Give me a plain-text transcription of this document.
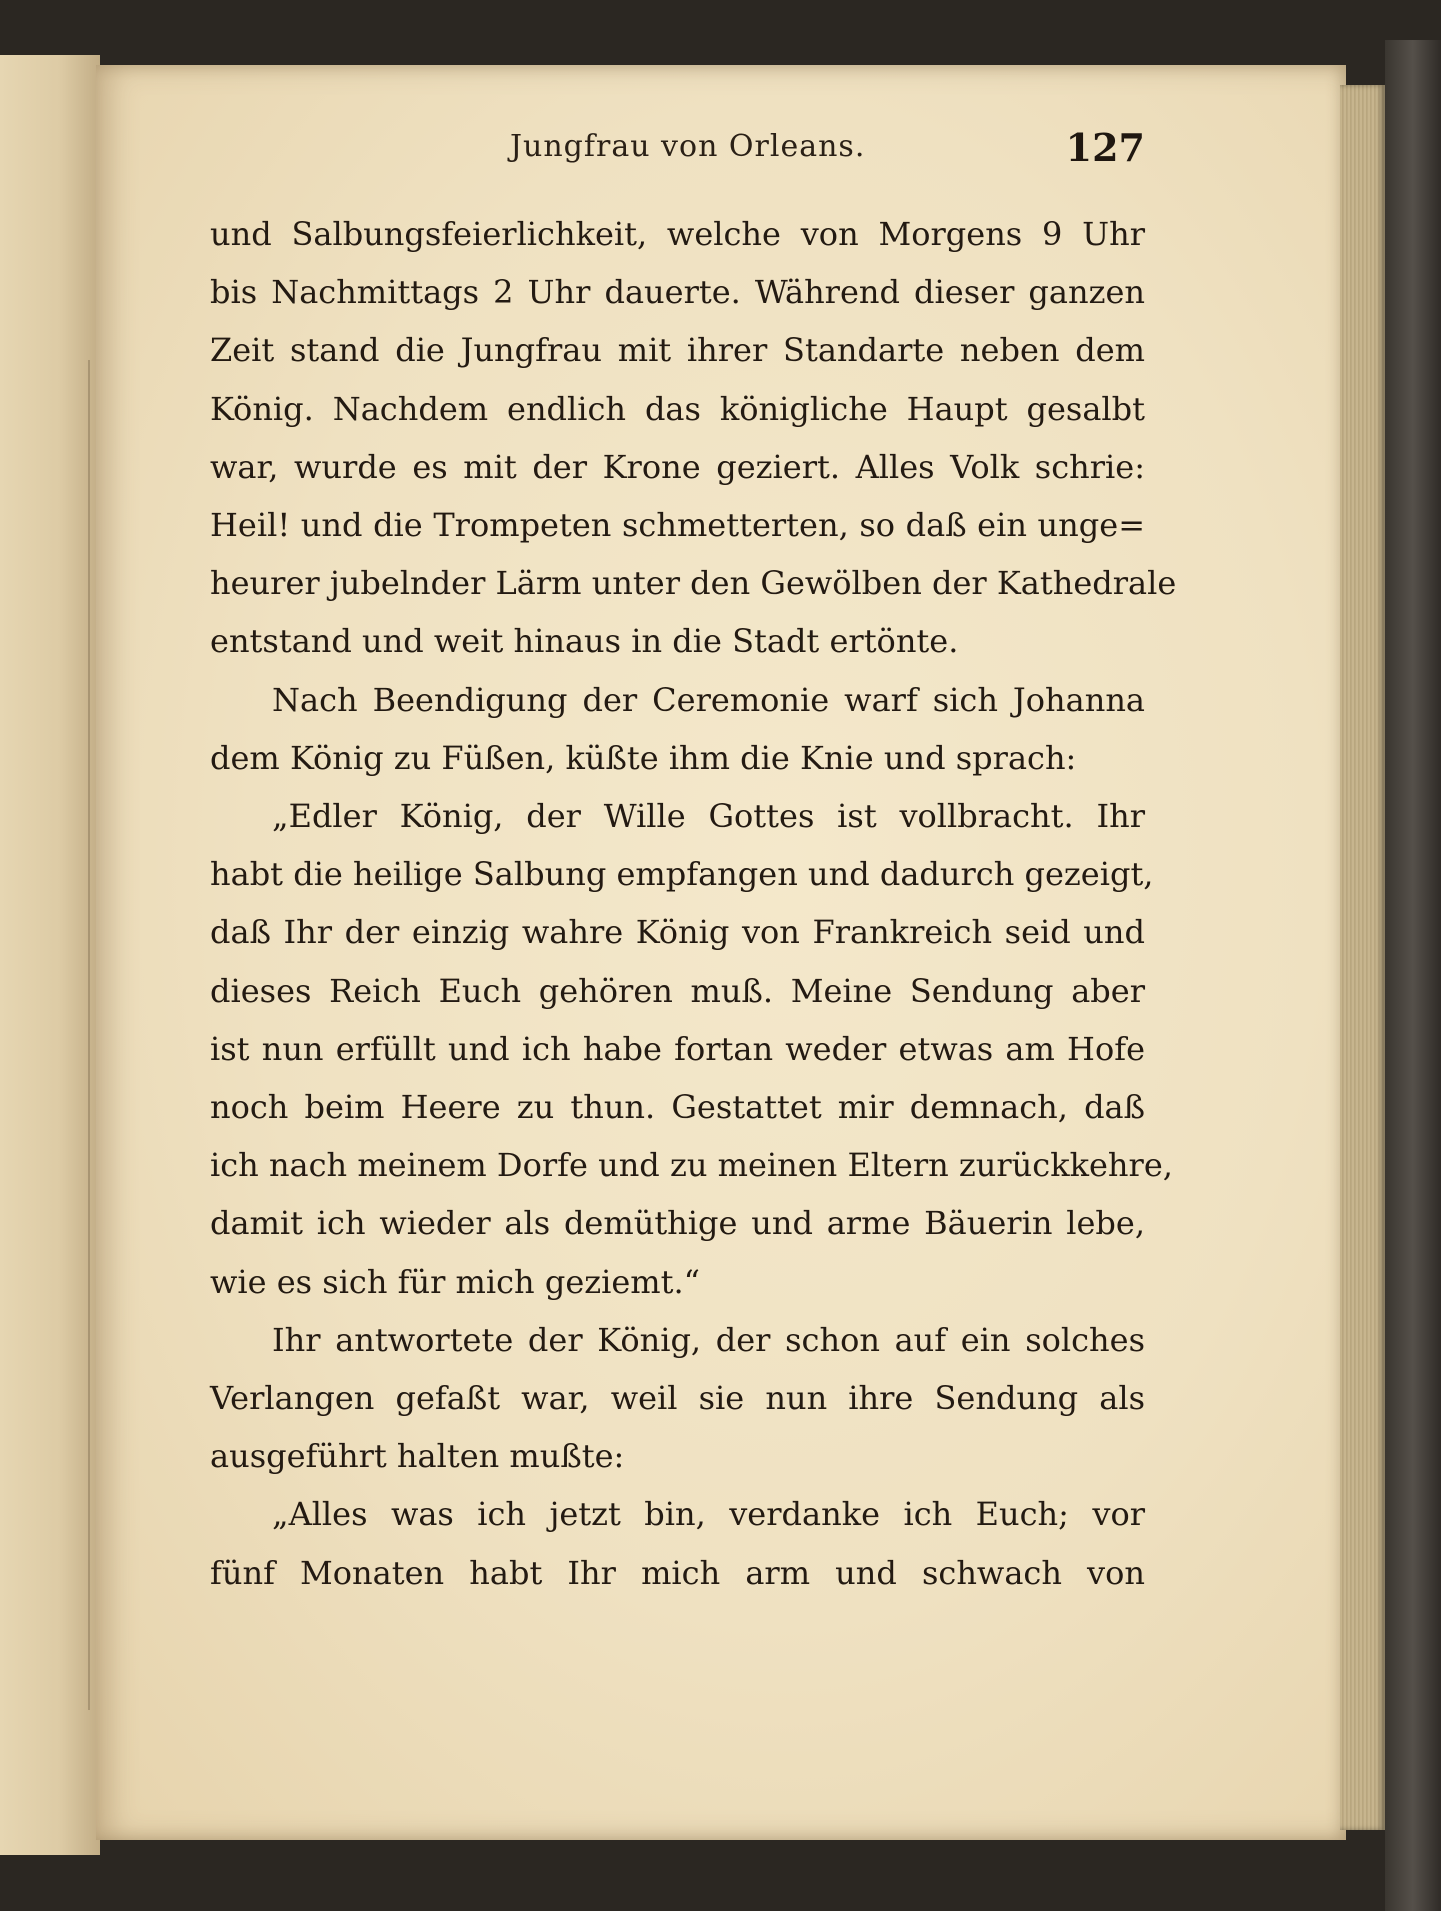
Jungfrau von Orleans.	127
und Salbungsfeierlichkeit, welche von Morgens 9 Uhr
bis Nachmittags 2 Uhr dauerte. Während dieser ganzen
Zeit stand die Jungfrau mit ihrer Standarte neben dem
König. Nachdem endlich das königliche Haupt gesalbt
war, wurde es mit der Krone geziert. Alles Volk schrie:
Heil! und die Trompeten schmetterten, so daß ein unge=
heurer jubelnder Lärm unter den Gewölben der Kathedrale
entstand und weit hinaus in die Stadt ertönte.
Nach Beendigung der Ceremonie warf sich Johanna
dem König zu Füßen, küßte ihm die Knie und sprach:
„Edler König, der Wille Gottes ist vollbracht. Ihr
habt die heilige Salbung empfangen und dadurch gezeigt,
daß Ihr der einzig wahre König von Frankreich seid und
dieses Reich Euch gehören muß. Meine Sendung aber
ist nun erfüllt und ich habe fortan weder etwas am Hofe
noch beim Heere zu thun. Gestattet mir demnach, daß
ich nach meinem Dorfe und zu meinen Eltern zurückkehre,
damit ich wieder als demüthige und arme Bäuerin lebe,
wie es sich für mich geziemt.“
Ihr antwortete der König, der schon auf ein solches
Verlangen gefaßt war, weil sie nun ihre Sendung als
ausgeführt halten mußte:
„Alles was ich jetzt bin, verdanke ich Euch; vor
fünf Monaten habt Ihr mich arm und schwach von
